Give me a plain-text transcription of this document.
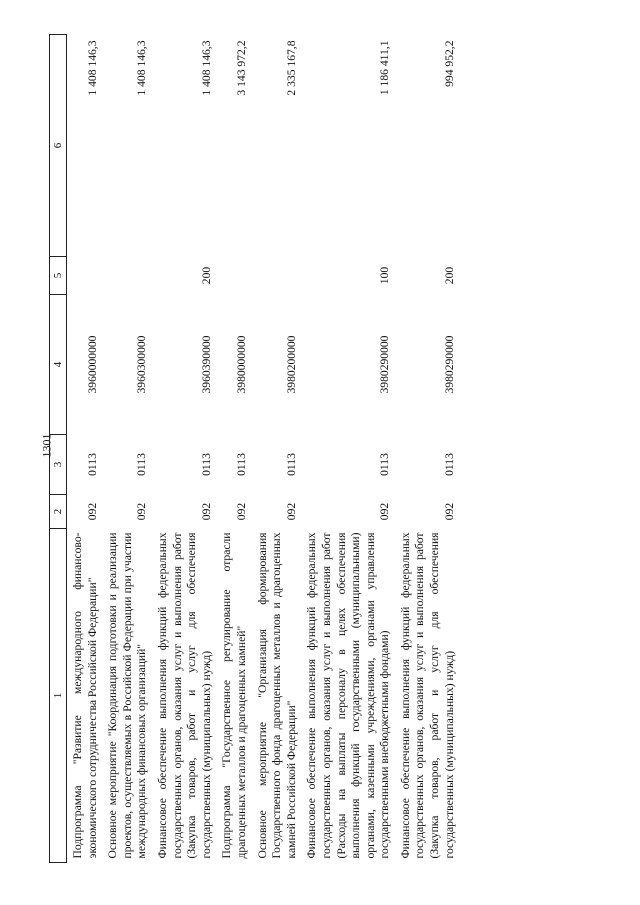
1301
1	2	3	4	5	6
Подпрограмма "Развитие международного финансово-экономического сотрудничества Российской Федерации"	092	0113	3960000000		1 408 146,3
Основное мероприятие "Координация подготовки и реализации проектов, осуществляемых в Российской Федерации при участии международных финансовых организаций"	092	0113	3960300000		1 408 146,3
Финансовое обеспечение выполнения функций федеральных государственных органов, оказания услуг и выполнения работ (Закупка товаров, работ и услуг для обеспечения государственных (муниципальных) нужд)	092	0113	3960390000	200	1 408 146,3
Подпрограмма "Государственное регулирование отрасли драгоценных металлов и драгоценных камней"	092	0113	3980000000		3 143 972,2
Основное мероприятие "Организация формирования Государственного фонда драгоценных металлов и драгоценных камней Российской Федерации"	092	0113	3980200000		2 335 167,8
Финансовое обеспечение выполнения функций федеральных государственных органов, оказания услуг и выполнения работ (Расходы на выплаты персоналу в целях обеспечения выполнения функций государственными (муниципальными) органами, казенными учреждениями, органами управления государственными внебюджетными фондами)	092	0113	3980290000	100	1 186 411,1
Финансовое обеспечение выполнения функций федеральных государственных органов, оказания услуг и выполнения работ (Закупка товаров, работ и услуг для обеспечения государственных (муниципальных) нужд)	092	0113	3980290000	200	994 952,2
